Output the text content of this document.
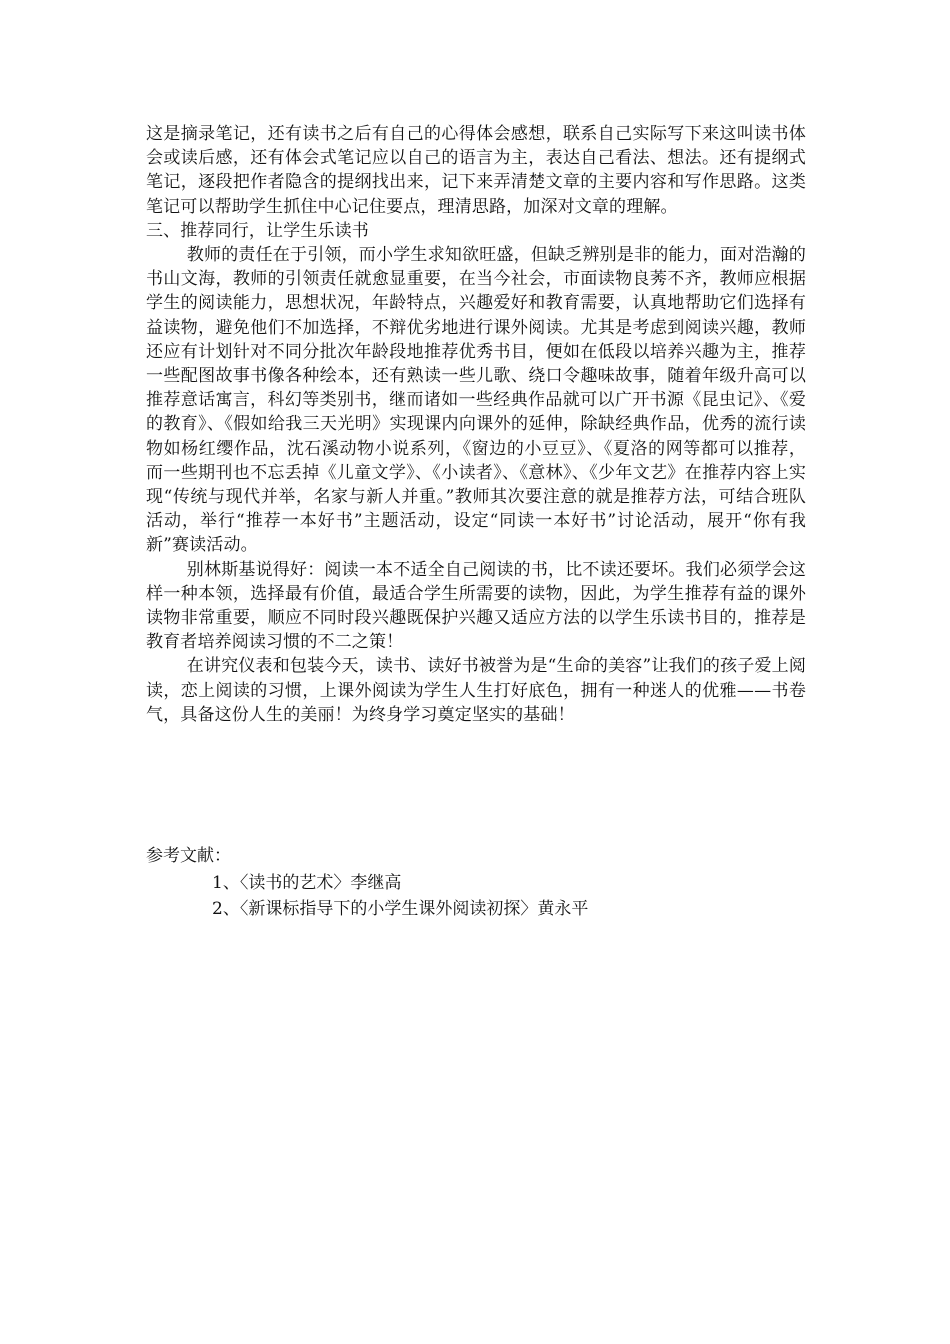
这是摘录笔记，还有读书之后有自己的心得体会感想，联系自己实际写下来这叫读书体会或读后感，还有体会式笔记应以自己的语言为主，表达自己看法、想法。还有提纲式笔记，逐段把作者隐含的提纲找出来，记下来弄清楚文章的主要内容和写作思路。这类笔记可以帮助学生抓住中心记住要点，理清思路，加深对文章的理解。

三、推荐同行，让学生乐读书

教师的责任在于引领，而小学生求知欲旺盛，但缺乏辨别是非的能力，面对浩瀚的书山文海，教师的引领责任就愈显重要，在当今社会，市面读物良莠不齐，教师应根据学生的阅读能力，思想状况，年龄特点，兴趣爱好和教育需要，认真地帮助它们选择有益读物，避免他们不加选择，不辩优劣地进行课外阅读。尤其是考虑到阅读兴趣，教师还应有计划针对不同分批次年龄段地推荐优秀书目，便如在低段以培养兴趣为主，推荐一些配图故事书像各种绘本，还有熟读一些儿歌、绕口令趣味故事，随着年级升高可以推荐意话寓言，科幻等类别书，继而诸如一些经典作品就可以广开书源《昆虫记》、《爱的教育》、《假如给我三天光明》实现课内向课外的延伸，除缺经典作品，优秀的流行读物如杨红缨作品，沈石溪动物小说系列，《窗边的小豆豆》、《夏洛的网等都可以推荐，而一些期刊也不忘丢掉《儿童文学》、《小读者》、《意林》、《少年文艺》在推荐内容上实现“传统与现代并举，名家与新人并重。”教师其次要注意的就是推荐方法，可结合班队活动，举行“推荐一本好书”主题活动，设定“同读一本好书”讨论活动，展开“你有我新”赛读活动。

别林斯基说得好：阅读一本不适全自己阅读的书，比不读还要坏。我们必须学会这样一种本领，选择最有价值，最适合学生所需要的读物，因此，为学生推荐有益的课外读物非常重要，顺应不同时段兴趣既保护兴趣又适应方法的以学生乐读书目的，推荐是教育者培养阅读习惯的不二之策！

在讲究仪表和包装今天，读书、读好书被誉为是“生命的美容”让我们的孩子爱上阅读，恋上阅读的习惯，上课外阅读为学生人生打好底色，拥有一种迷人的优雅——书卷气，具备这份人生的美丽！为终身学习奠定坚实的基础！

参考文献：

1、〈读书的艺术〉李继高

2、〈新课标指导下的小学生课外阅读初探〉黄永平
